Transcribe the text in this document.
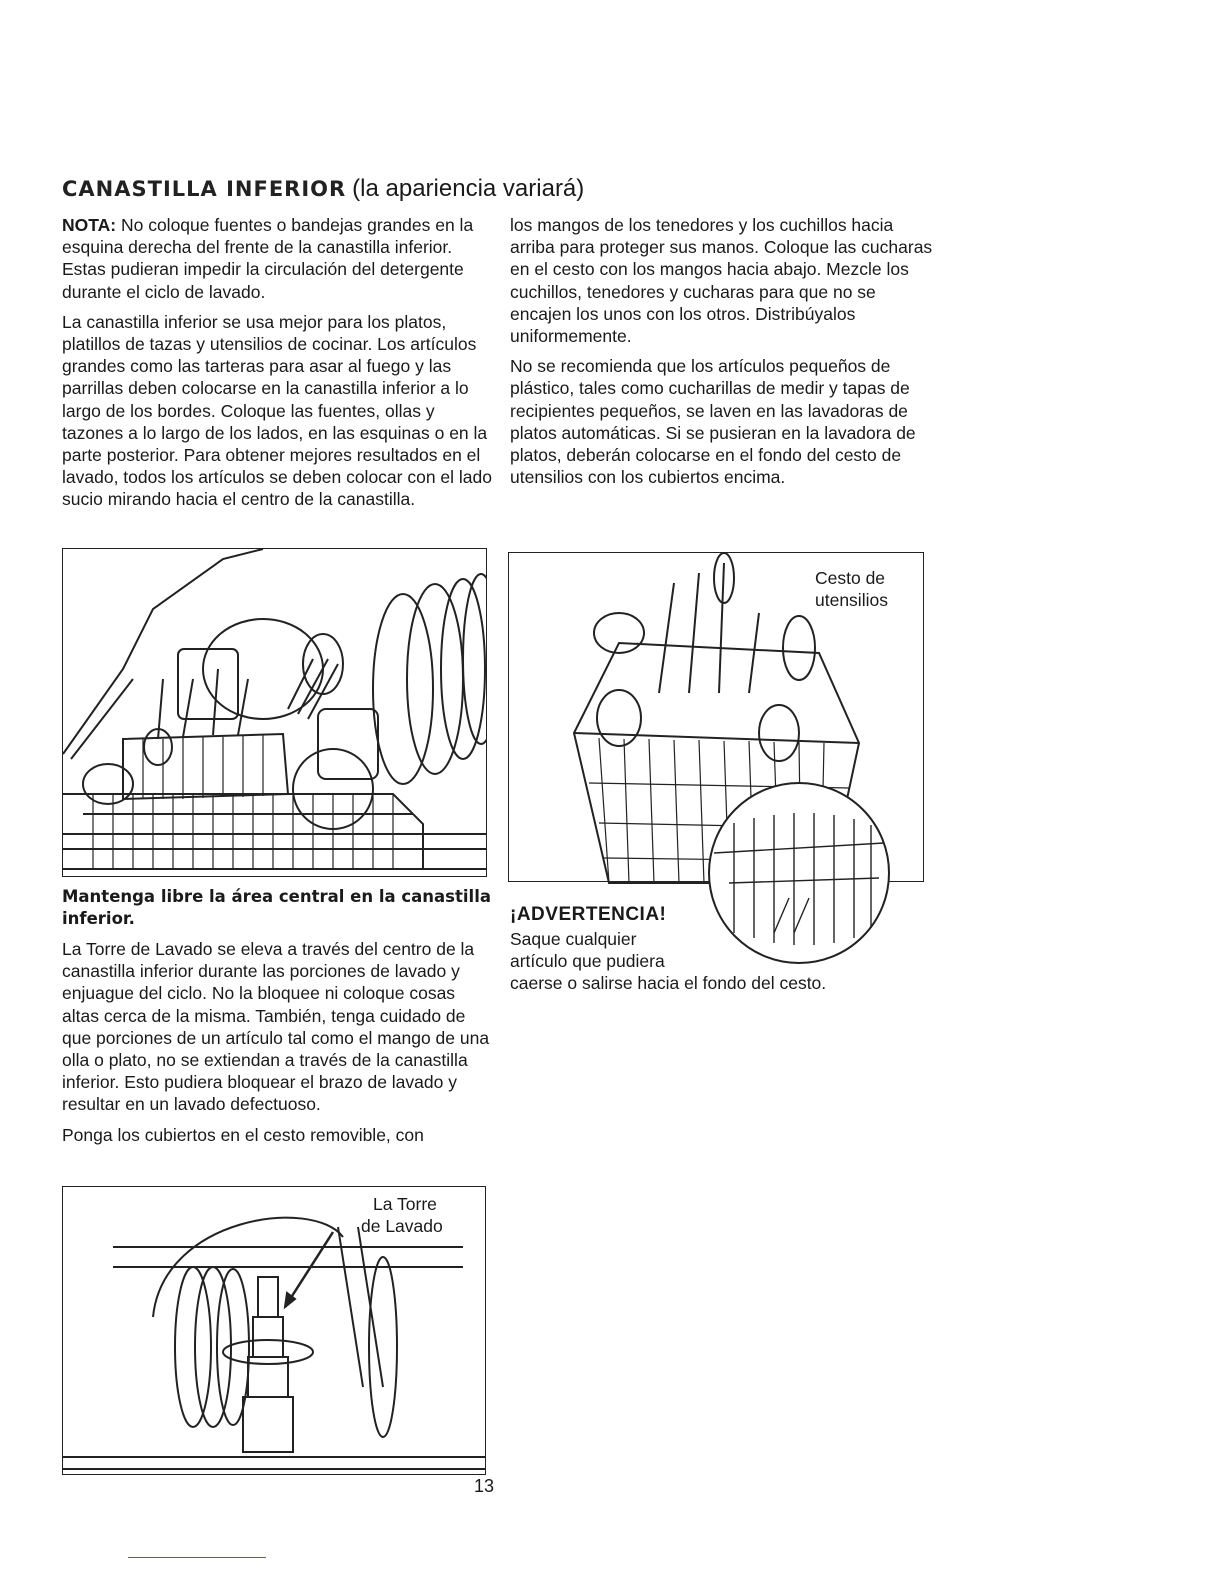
CANASTILLA INFERIOR (la apariencia variará)

NOTA: No coloque fuentes o bandejas grandes en la esquina derecha del frente de la canastilla inferior. Estas pudieran impedir la circulación del detergente durante el ciclo de lavado.

La canastilla inferior se usa mejor para los platos, platillos de tazas y utensilios de cocinar. Los artículos grandes como las tarteras para asar al fuego y las parrillas deben colocarse en la canastilla inferior a lo largo de los bordes. Coloque las fuentes, ollas y tazones a lo largo de los lados, en las esquinas o en la parte posterior. Para obtener mejores resultados en el lavado, todos los artículos se deben colocar con el lado sucio mirando hacia el centro de la canastilla.

los mangos de los tenedores y los cuchillos hacia arriba para proteger sus manos. Coloque las cucharas en el cesto con los mangos hacia abajo. Mezcle los cuchillos, tenedores y cucharas para que no se encajen los unos con los otros. Distribúyalos uniformemente.

No se recomienda que los artículos pequeños de plástico, tales como cucharillas de medir y tapas de recipientes pequeños, se laven en las lavadoras de platos automáticas. Si se pusieran en la lavadora de platos, deberán colocarse en el fondo del cesto de utensilios con los cubiertos encima.

Mantenga libre la área central en la canastilla inferior.

La Torre de Lavado se eleva a través del centro de la canastilla inferior durante las porciones de lavado y enjuague del ciclo. No la bloquee ni coloque cosas altas cerca de la misma. También, tenga cuidado de que porciones de un artículo tal como el mango de una olla o plato, no se extiendan a través de la canastilla inferior. Esto pudiera bloquear el brazo de lavado y resultar en un lavado defectuoso.

Ponga los cubiertos en el cesto removible, con

Cesto de
utensilios
¡ADVERTENCIA!
Saque cualquier
artículo que pudiera
caerse o salirse hacia el fondo del cesto.
La Torre
de Lavado
13
